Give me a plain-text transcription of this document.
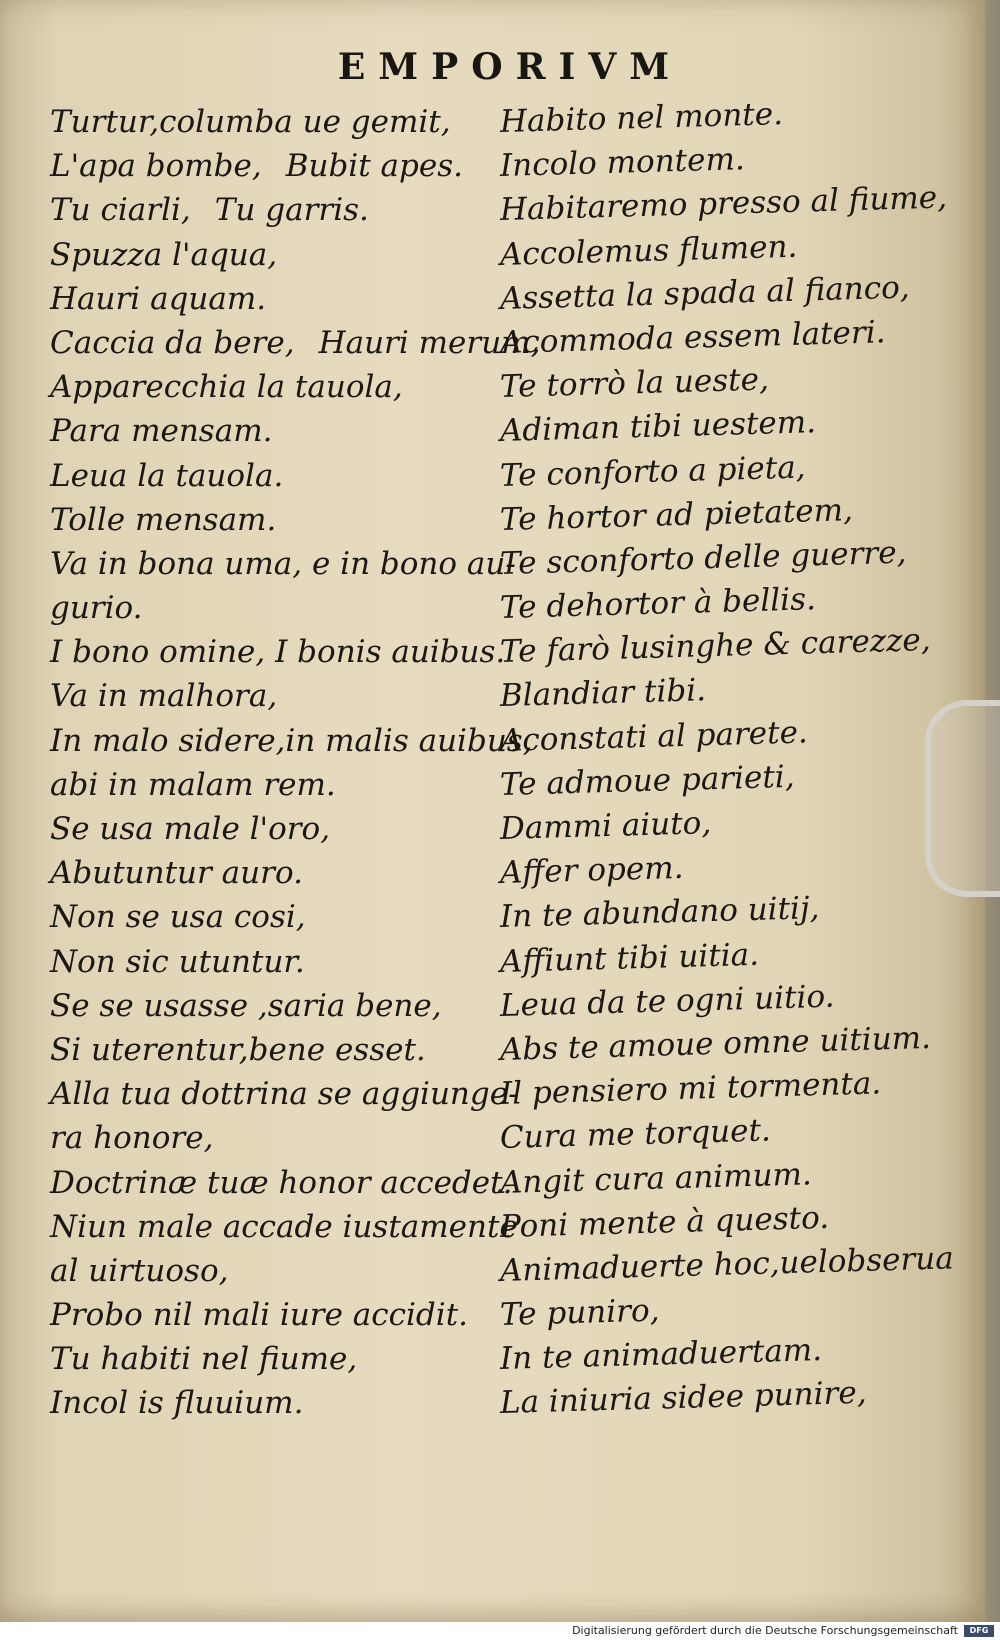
EMPORIVM
Turtur,columba ue gemit,
L'apa bombe, Bubit apes.
Tu ciarli, Tu garris.
Spuzza l'aqua,
Hauri aquam.
Caccia da bere, Hauri merum,
Apparecchia la tauola,
Para mensam.
Leua la tauola.
Tolle mensam.
Va in bona uma, e in bono au-
gurio.
I bono omine, I bonis auibus.
Va in malhora,
In malo sidere,in malis auibus,
abi in malam rem.
Se usa male l'oro,
Abutuntur auro.
Non se usa cosi,
Non sic utuntur.
Se se usasse ,saria bene,
Si uterentur,bene esset.
Alla tua dottrina se aggiunge-
ra honore,
Doctrinæ tuæ honor accedet.
Niun male accade iustamente
al uirtuoso,
Probo nil mali iure accidit.
Tu habiti nel fiume,
Incol is fluuium.
Habito nel monte.
Incolo montem.
Habitaremo presso al fiume,
Accolemus flumen.
Assetta la spada al fianco,
Acommoda essem lateri.
Te torrò la ueste,
Adiman tibi uestem.
Te conforto a pieta,
Te hortor ad pietatem,
Te sconforto delle guerre,
Te dehortor à bellis.
Te farò lusinghe & carezze,
Blandiar tibi.
Aconstati al parete.
Te admoue parieti,
Dammi aiuto,
Affer opem.
In te abundano uitij,
Affiunt tibi uitia.
Leua da te ogni uitio.
Abs te amoue omne uitium.
Il pensiero mi tormenta.
Cura me torquet.
Angit cura animum.
Poni mente à questo.
Animaduerte hoc,uelobserua
Te puniro,
In te animaduertam.
La iniuria sidee punire,
Digitalisierung gefördert durch die Deutsche Forschungsgemeinschaft	DFG
